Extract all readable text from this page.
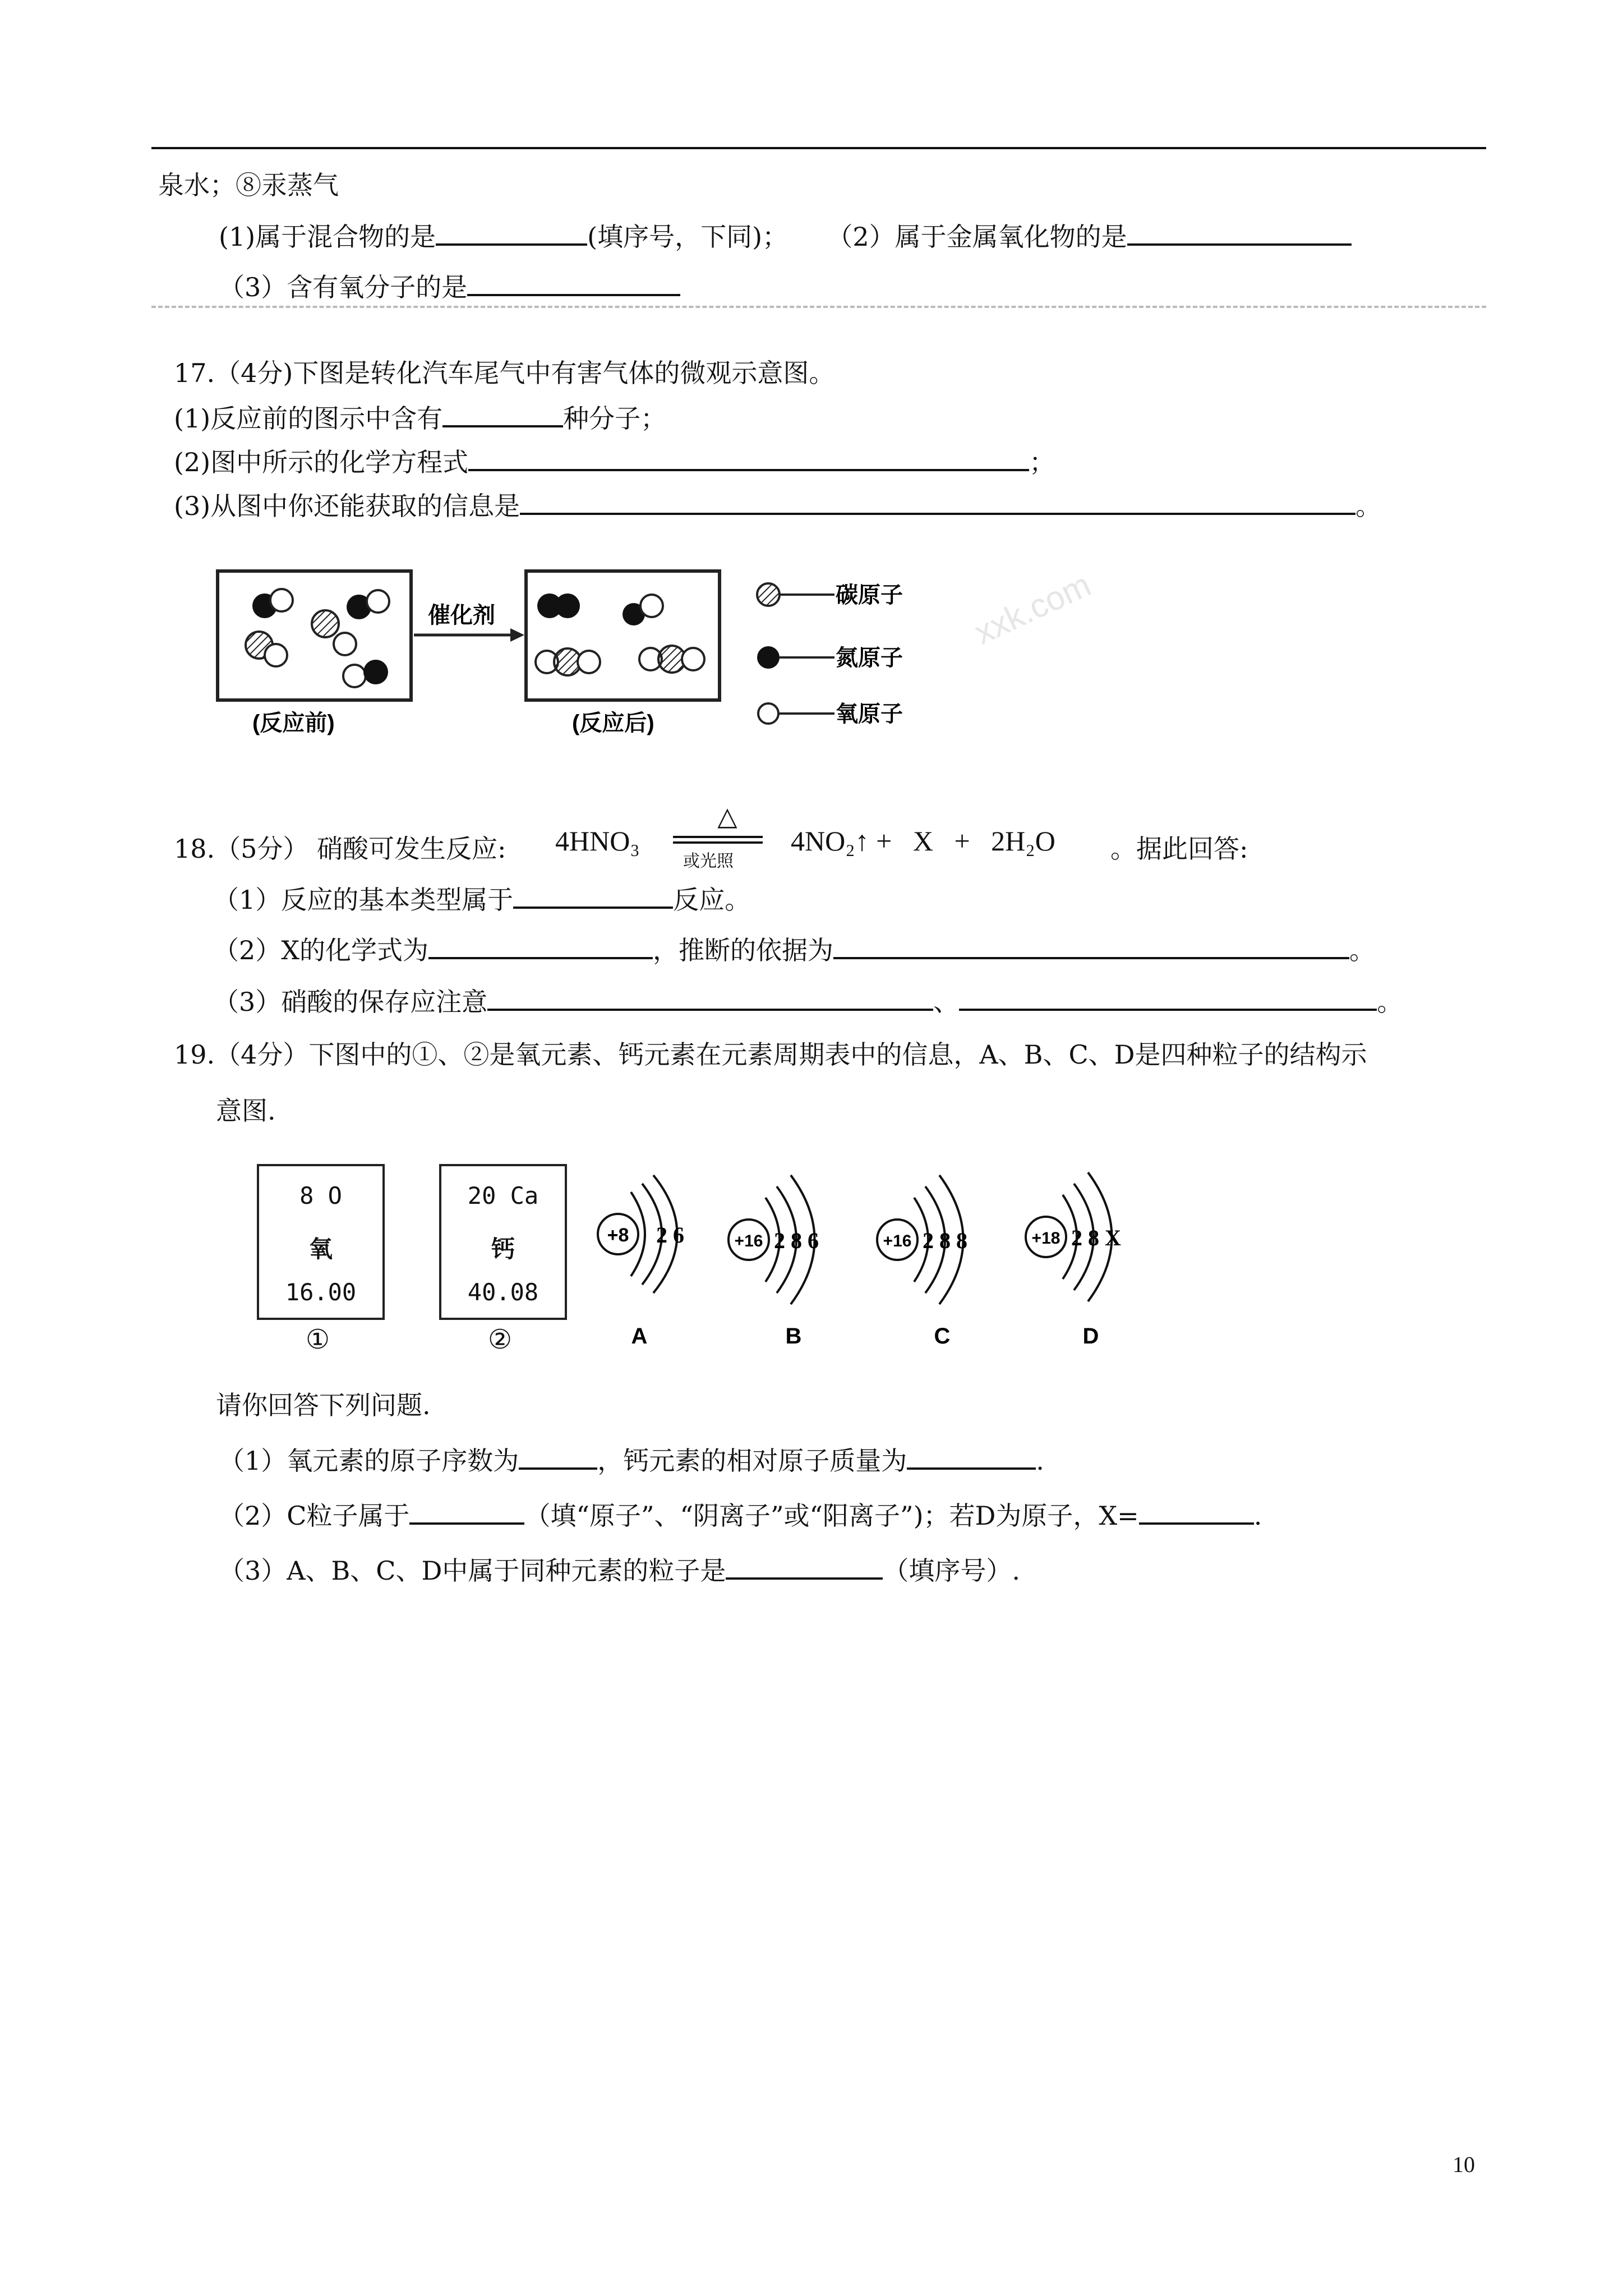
泉水；⑧汞蒸气
(1)属于混合物的是	(填序号，下同)； （2）属于金属氧化物的是
（3）含有氧分子的是
17.（4分)下图是转化汽车尾气中有害气体的微观示意图。
(1)反应前的图示中含有	种分子；
(2)图中所示的化学方程式	；
(3)从图中你还能获取的信息是	。
(反应前)
催化剂
(反应后)
碳原子
氮原子
氧原子
xxk.com
18.（5分） 硝酸可发生反应: 4HNO₃
△
或光照
4NO₂↑ +   X   +   2H₂O 。据此回答:
（1）反应的基本类型属于	反应。
（2）X的化学式为	，推断的依据为	。
（3）硝酸的保存应注意	、	。
19.（4分）下图中的①、②是氧元素、钙元素在元素周期表中的信息，A、B、C、D是四种粒子的结构示
意图.
8 O
氧
16.00
①
20 Ca
钙
40.08
②
+8 2 6
A
+16 2 8 6
B
+16 2 8 8
C
+18 2 8 X
D
请你回答下列问题.
（1）氧元素的原子序数为	，钙元素的相对原子质量为	.
（2）C粒子属于	（填“原子”、“阴离子”或“阳离子”)；若D为原子，X=	.
（3）A、B、C、D中属于同种元素的粒子是	（填序号）.
10
